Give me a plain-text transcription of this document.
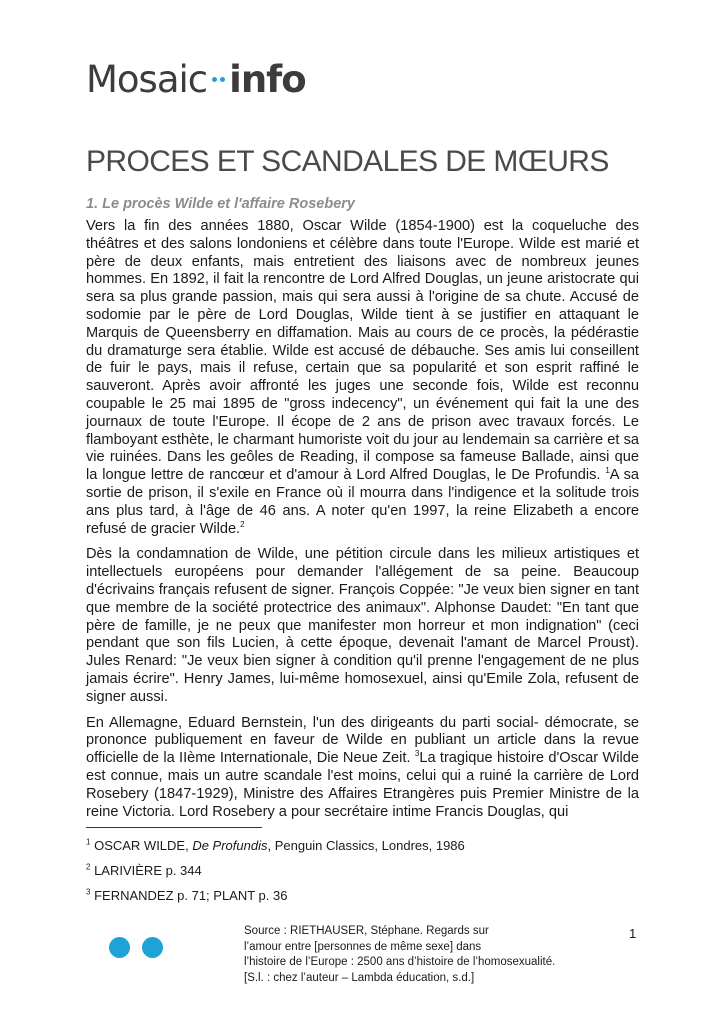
Mosaic info
PROCES ET SCANDALES DE MŒURS
1. Le procès Wilde et l'affaire Rosebery

Vers la fin des années 1880, Oscar Wilde (1854-1900) est la coqueluche des théâtres et des salons londoniens et célèbre dans toute l'Europe. Wilde est marié et père de deux enfants, mais entretient des liaisons avec de nombreux jeunes hommes. En 1892, il fait la rencontre de Lord Alfred Douglas, un jeune aristocrate qui sera sa plus grande passion, mais qui sera aussi à l'origine de sa chute. Accusé de sodomie par le père de Lord Douglas, Wilde tient à se justifier en attaquant le Marquis de Queensberry en diffamation. Mais au cours de ce procès, la pédérastie du dramaturge sera établie. Wilde est accusé de débauche. Ses amis lui conseillent de fuir le pays, mais il refuse, certain que sa popularité et son esprit raffiné le sauveront. Après avoir affronté les juges une seconde fois, Wilde est reconnu coupable le 25 mai 1895 de "gross indecency", un événement qui fait la une des journaux de toute l'Europe. Il écope de 2 ans de prison avec travaux forcés. Le flamboyant esthète, le charmant humoriste voit du jour au lendemain sa carrière et sa vie ruinées. Dans les geôles de Reading, il compose sa fameuse Ballade, ainsi que la longue lettre de rancœur et d'amour à Lord Alfred Douglas, le De Profundis. $^1$A sa sortie de prison, il s'exile en France où il mourra dans l'indigence et la solitude trois ans plus tard, à l'âge de 46 ans. A noter qu'en 1997, la reine Elizabeth a encore refusé de gracier Wilde.$^2$

Dès la condamnation de Wilde, une pétition circule dans les milieux artistiques et intellectuels européens pour demander l'allégement de sa peine. Beaucoup d'écrivains français refusent de signer. François Coppée: "Je veux bien signer en tant que membre de la société protectrice des animaux". Alphonse Daudet: "En tant que père de famille, je ne peux que manifester mon horreur et mon indignation" (ceci pendant que son fils Lucien, à cette époque, devenait l'amant de Marcel Proust). Jules Renard: "Je veux bien signer à condition qu'il prenne l'engagement de ne plus jamais écrire". Henry James, lui-même homosexuel, ainsi qu'Emile Zola, refusent de signer aussi.

En Allemagne, Eduard Bernstein, l'un des dirigeants du parti social- démocrate, se prononce publiquement en faveur de Wilde en publiant un article dans la revue officielle de la IIème Internationale, Die Neue Zeit. $^3$La tragique histoire d'Oscar Wilde est connue, mais un autre scandale l'est moins, celui qui a ruiné la carrière de Lord Rosebery (1847-1929), Ministre des Affaires Etrangères puis Premier Ministre de la reine Victoria. Lord Rosebery a pour secrétaire intime Francis Douglas, qui

$^1$ OSCAR WILDE, De Profundis, Penguin Classics, Londres, 1986
$^2$ LARIVIÈRE p. 344
$^3$ FERNANDEZ p. 71; PLANT p. 36
Source : RIETHAUSER, Stéphane. Regards sur
l’amour entre [personnes de même sexe] dans
l’histoire de l’Europe : 2500 ans d’histoire de l’homosexualité.
[S.l. : chez l’auteur – Lambda éducation, s.d.]
1
